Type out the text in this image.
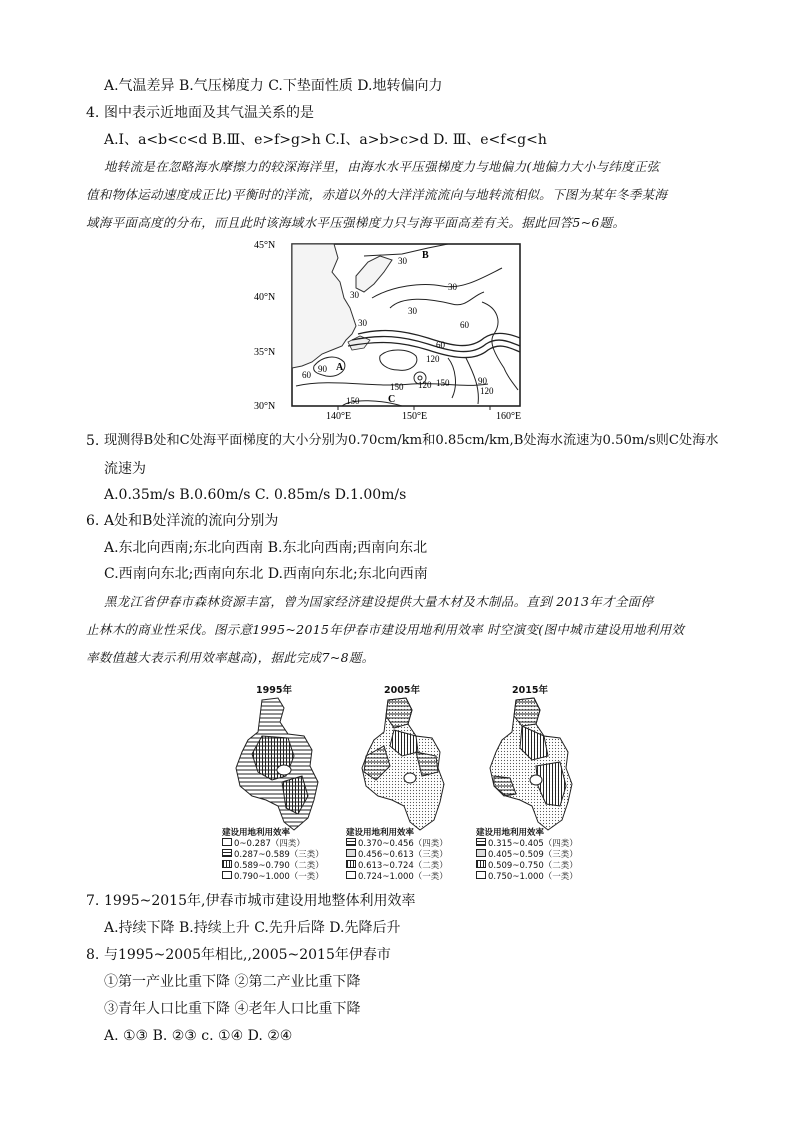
A.气温差异 B.气压梯度力 C.下垫面性质 D.地转偏向力
4. 图中表示近地面及其气温关系的是
A.I、a<b<c<d B.Ⅲ、e>f>g>h C.I、a>b>c>d D. Ⅲ、e<f<g<h
地转流是在忽略海水摩擦力的较深海洋里，由海水水平压强梯度力与地偏力(地偏力大小与纬度正弦
值和物体运动速度成正比)平衡时的洋流，赤道以外的大洋洋流流向与地转流相似。下图为某年冬季某海
域海平面高度的分布，而且此时该海域水平压强梯度力只与海平面高差有关。据此回答5~6题。
45°N
40°N
35°N
30°N
140°E	150°E	160°E
30
30
30
30	60
60
90
120
150 120 150	90
120
150
30
60
A
B
C
5. 现测得B处和C处海平面梯度的大小分别为0.70cm/km和0.85cm/km,B处海水流速为0.50m/s则C处海水
流速为
A.0.35m/s B.0.60m/s C. 0.85m/s D.1.00m/s
6. A处和B处洋流的流向分别为
A.东北向西南;东北向西南 B.东北向西南;西南向东北
C.西南向东北;西南向东北 D.西南向东北;东北向西南
黑龙江省伊春市森林资源丰富，曾为国家经济建设提供大量木材及木制品。直到 2013年才全面停
止林木的商业性采伐。图示意1995~2015年伊春市建设用地利用效率 时空演变(图中城市建设用地利用效
率数值越大表示利用效率越高)，据此完成7~8题。
1995年
建设用地利用效率
0~0.287（四类）
0.287~0.589（三类）
0.589~0.790（二类）
0.790~1.000（一类）
2005年
建设用地利用效率
0.370~0.456（四类）
0.456~0.613（三类）
0.613~0.724（二类）
0.724~1.000（一类）
2015年
建设用地利用效率
0.315~0.405（四类）
0.405~0.509（三类）
0.509~0.750（二类）
0.750~1.000（一类）
7. 1995~2015年,伊春市城市建设用地整体利用效率
A.持续下降 B.持续上升 C.先升后降 D.先降后升
8. 与1995~2005年相比,,2005~2015年伊春市
①第一产业比重下降 ②第二产业比重下降
③青年人口比重下降 ④老年人口比重下降
A. ①③ B. ②③ c. ①④ D. ②④
